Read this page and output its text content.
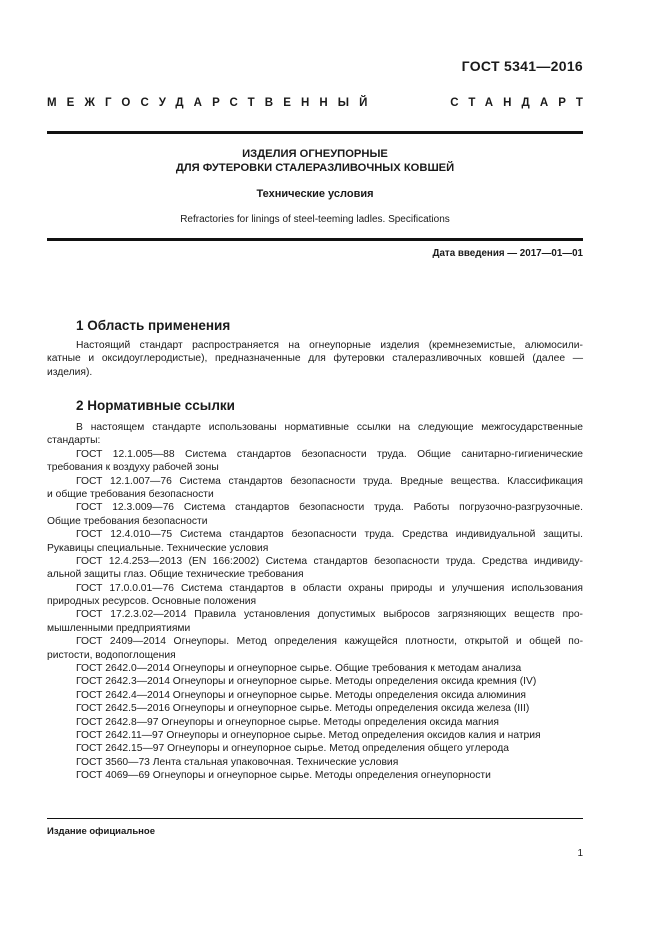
ГОСТ 5341—2016
МЕЖГОСУДАРСТВЕННЫЙ	СТАНДАРТ
ИЗДЕЛИЯ ОГНЕУПОРНЫЕ
ДЛЯ ФУТЕРОВКИ СТАЛЕРАЗЛИВОЧНЫХ КОВШЕЙ
Технические условия
Refractories for linings of steel-teeming ladles. Specifications
Дата введения — 2017—01—01
1 Область применения
Настоящий стандарт распространяется на огнеупорные изделия (кремнеземистые, алюмосили-
катные и оксидоуглеродистые), предназначенные для футеровки сталеразливочных ковшей (далее —
изделия).
2 Нормативные ссылки
В настоящем стандарте использованы нормативные ссылки на следующие межгосударственные
стандарты:
ГОСТ 12.1.005—88 Система стандартов безопасности труда. Общие санитарно-гигиенические
требования к воздуху рабочей зоны
ГОСТ 12.1.007—76 Система стандартов безопасности труда. Вредные вещества. Классификация
и общие требования безопасности
ГОСТ 12.3.009—76 Система стандартов безопасности труда. Работы погрузочно-разгрузочные.
Общие требования безопасности
ГОСТ 12.4.010—75 Система стандартов безопасности труда. Средства индивидуальной защиты.
Рукавицы специальные. Технические условия
ГОСТ 12.4.253—2013 (EN 166:2002) Система стандартов безопасности труда. Средства индивиду-
альной защиты глаз. Общие технические требования
ГОСТ 17.0.0.01—76 Система стандартов в области охраны природы и улучшения использования
природных ресурсов. Основные положения
ГОСТ 17.2.3.02—2014 Правила установления допустимых выбросов загрязняющих веществ про-
мышленными предприятиями
ГОСТ 2409—2014 Огнеупоры. Метод определения кажущейся плотности, открытой и общей по-
ристости, водопоглощения
ГОСТ 2642.0—2014 Огнеупоры и огнеупорное сырье. Общие требования к методам анализа
ГОСТ 2642.3—2014 Огнеупоры и огнеупорное сырье. Методы определения оксида кремния (IV)
ГОСТ 2642.4—2014 Огнеупоры и огнеупорное сырье. Методы определения оксида алюминия
ГОСТ 2642.5—2016 Огнеупоры и огнеупорное сырье. Методы определения оксида железа (III)
ГОСТ 2642.8—97 Огнеупоры и огнеупорное сырье. Методы определения оксида магния
ГОСТ 2642.11—97 Огнеупоры и огнеупорное сырье. Метод определения оксидов калия и натрия
ГОСТ 2642.15—97 Огнеупоры и огнеупорное сырье. Метод определения общего углерода
ГОСТ 3560—73 Лента стальная упаковочная. Технические условия
ГОСТ 4069—69 Огнеупоры и огнеупорное сырье. Методы определения огнеупорности
Издание официальное
1
